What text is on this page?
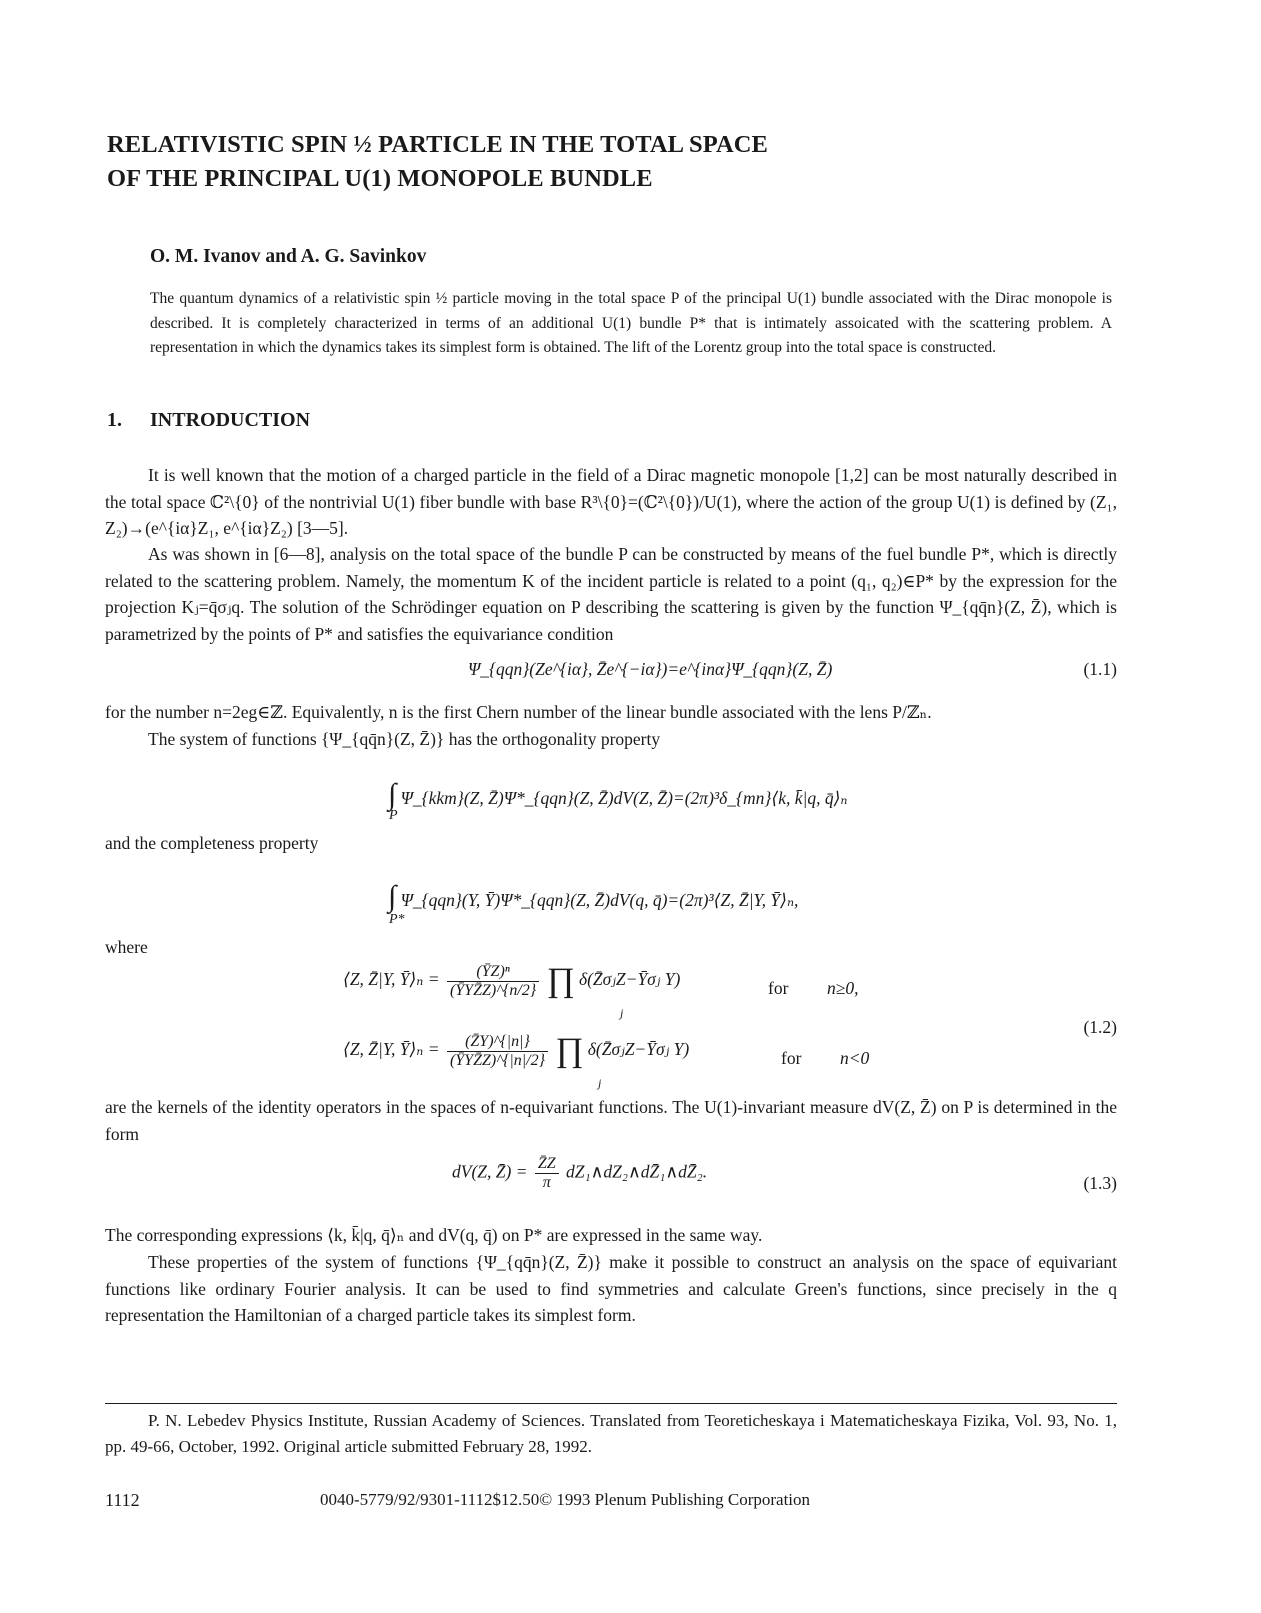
RELATIVISTIC SPIN ½ PARTICLE IN THE TOTAL SPACE
OF THE PRINCIPAL U(1) MONOPOLE BUNDLE
O. M. Ivanov and A. G. Savinkov
The quantum dynamics of a relativistic spin ½ particle moving in the total space P of the principal U(1) bundle associated with the Dirac monopole is described. It is completely characterized in terms of an additional U(1) bundle P* that is intimately assoicated with the scattering problem. A representation in which the dynamics takes its simplest form is obtained. The lift of the Lorentz group into the total space is constructed.
1. INTRODUCTION
It is well known that the motion of a charged particle in the field of a Dirac magnetic monopole [1,2] can be most naturally described in the total space ℂ²\{0} of the nontrivial U(1) fiber bundle with base R³\{0}=(ℂ²\{0})/U(1), where the action of the group U(1) is defined by (Z₁, Z₂)→(e^{iα}Z₁, e^{iα}Z₂) [3—5].
As was shown in [6—8], analysis on the total space of the bundle P can be constructed by means of the fuel bundle P*, which is directly related to the scattering problem. Namely, the momentum K of the incident particle is related to a point (q₁, q₂)∈P* by the expression for the projection Kⱼ=q̄σⱼq. The solution of the Schrödinger equation on P describing the scattering is given by the function Ψ_{qq̄n}(Z, Z̄), which is parametrized by the points of P* and satisfies the equivariance condition
Ψ_{qqn}(Ze^{iα}, Z̄e^{−iα})=e^{inα}Ψ_{qqn}(Z, Z̄)	(1.1)
for the number n=2eg∈ℤ. Equivalently, n is the first Chern number of the linear bundle associated with the lens P/ℤₙ.
The system of functions {Ψ_{qq̄n}(Z, Z̄)} has the orthogonality property
∫ Ψ_{kkm}(Z, Z̄)Ψ*_{qqn}(Z, Z̄)dV(Z, Z̄)=(2π)³δ_{mn}⟨k, k̄|q, q̄⟩ₙ
P
and the completeness property
∫ Ψ_{qqn}(Y, Ȳ)Ψ*_{qqn}(Z, Z̄)dV(q, q̄)=(2π)³⟨Z, Z̄|Y, Ȳ⟩ₙ,
P*
where
⟨Z, Z̄|Y, Ȳ⟩ₙ = $\frac{\text{(ȲZ)ⁿ}}{\text{(ȲYZ̄Z)\textasciicircum{}\{n/2\}}}$ ∏ δ(Z̄σⱼZ−Ȳσⱼ Y)
j
for n≥0,
(1.2)
⟨Z, Z̄|Y, Ȳ⟩ₙ = $\frac{(Z̄Y)\^{}\{|n|\}}{\text{(ȲYZ̄Z)\textasciicircum{}\{|n|/2\}}}$ ∏ δ(Z̄σⱼZ−Ȳσⱼ Y)
j
for n<0
are the kernels of the identity operators in the spaces of n-equivariant functions. The U(1)-invariant measure dV(Z, Z̄) on P is determined in the form
dV(Z, Z̄) = $\frac{Z̄Z}{\pi}$ dZ₁∧dZ₂∧dZ̄₁∧dZ̄₂.
(1.3)
The corresponding expressions ⟨k, k̄|q, q̄⟩ₙ and dV(q, q̄) on P* are expressed in the same way.
These properties of the system of functions {Ψ_{qq̄n}(Z, Z̄)} make it possible to construct an analysis on the space of equivariant functions like ordinary Fourier analysis. It can be used to find symmetries and calculate Green's functions, since precisely in the q representation the Hamiltonian of a charged particle takes its simplest form.
P. N. Lebedev Physics Institute, Russian Academy of Sciences. Translated from Teoreticheskaya i Matematicheskaya Fizika, Vol. 93, No. 1, pp. 49-66, October, 1992. Original article submitted February 28, 1992.
1112	0040-5779/92/9301-1112$12.50© 1993 Plenum Publishing Corporation
